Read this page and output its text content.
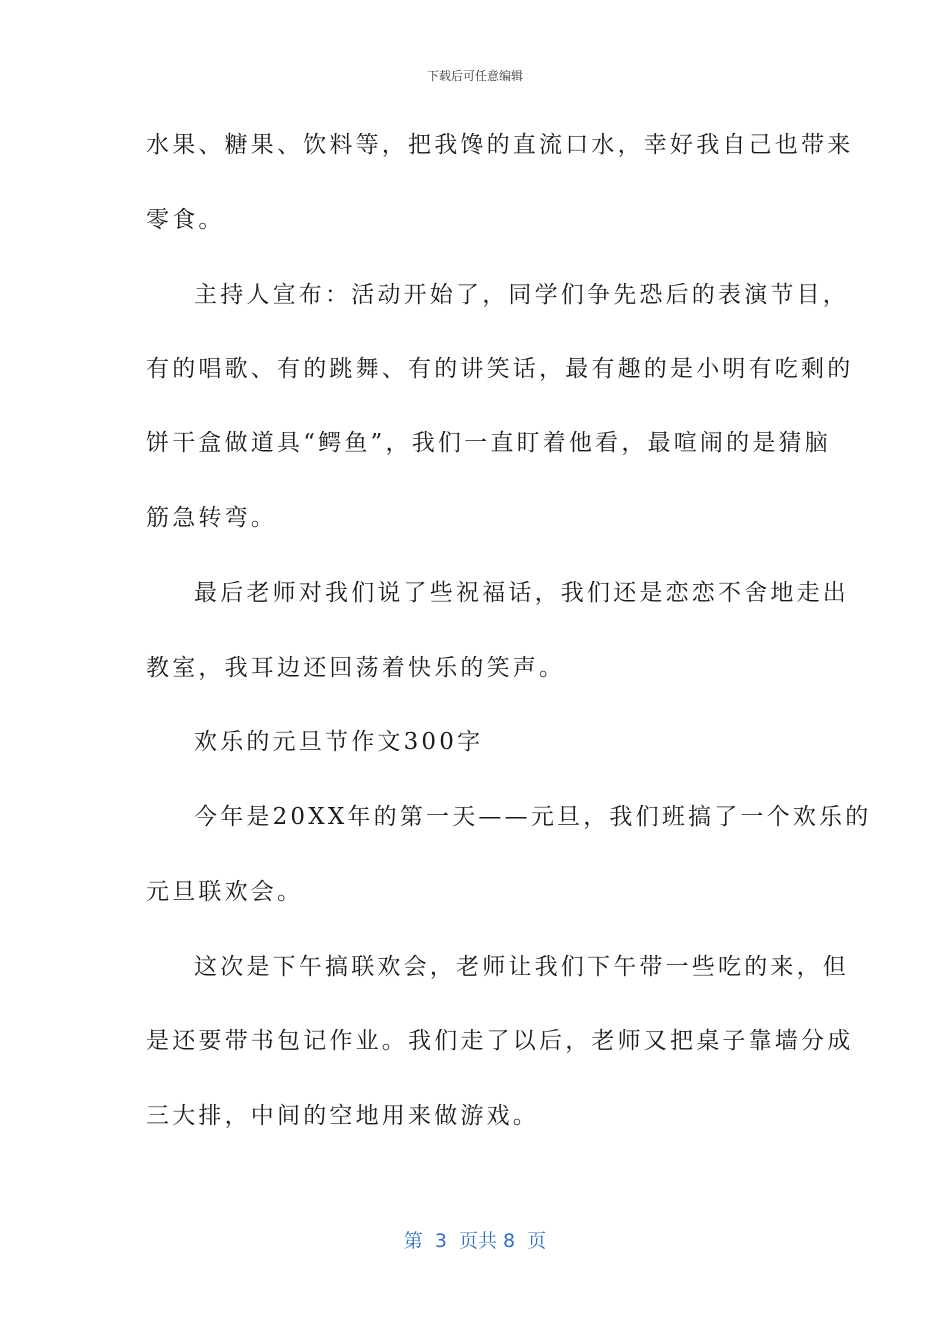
下载后可任意编辑
水果、糖果、饮料等，把我馋的直流口水，幸好我自己也带来
零食。
主持人宣布：活动开始了，同学们争先恐后的表演节目，
有的唱歌、有的跳舞、有的讲笑话，最有趣的是小明有吃剩的
饼干盒做道具“鳄鱼”，我们一直盯着他看，最喧闹的是猜脑
筋急转弯。
最后老师对我们说了些祝福话，我们还是恋恋不舍地走出
教室，我耳边还回荡着快乐的笑声。
欢乐的元旦节作文300字
今年是20XX年的第一天——元旦，我们班搞了一个欢乐的
元旦联欢会。
这次是下午搞联欢会，老师让我们下午带一些吃的来，但
是还要带书包记作业。我们走了以后，老师又把桌子靠墙分成
三大排，中间的空地用来做游戏。
第  3  页共 8  页
